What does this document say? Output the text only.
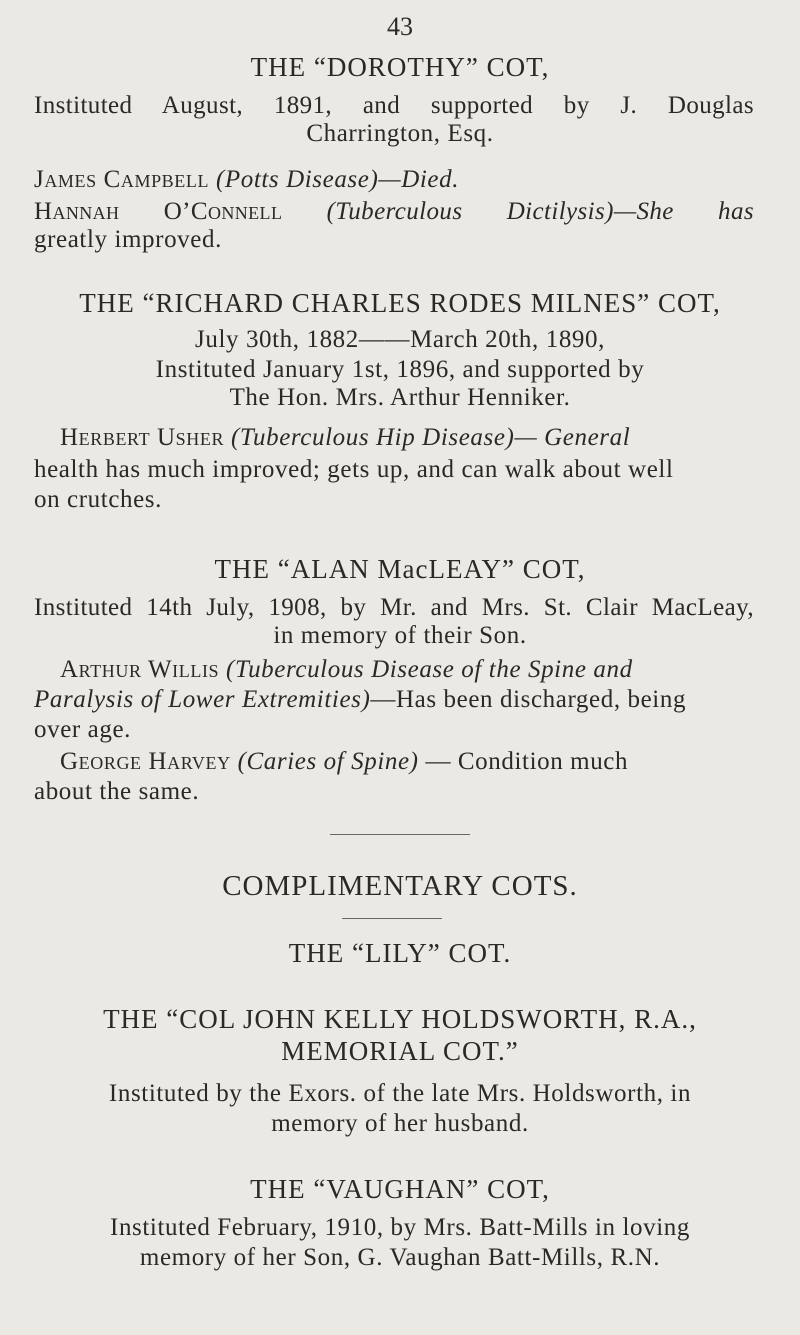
43
THE “DOROTHY” COT,
Instituted August, 1891, and supported by J. Douglas
Charrington, Esq.
James Campbell (Potts Disease)—Died.
Hannah O’Connell (Tuberculous Dictilysis)—She has
greatly improved.
THE “RICHARD CHARLES RODES MILNES” COT,
July 30th, 1882——March 20th, 1890,
Instituted January 1st, 1896, and supported by
The Hon. Mrs. Arthur Henniker.
Herbert Usher (Tuberculous Hip Disease)— General
health has much improved; gets up, and can walk about well
on crutches.
THE “ALAN MacLEAY” COT,
Instituted 14th July, 1908, by Mr. and Mrs. St. Clair MacLeay,
in memory of their Son.
Arthur Willis (Tuberculous Disease of the Spine and
Paralysis of Lower Extremities)—Has been discharged, being
over age.
George Harvey (Caries of Spine) — Condition much
about the same.
COMPLIMENTARY COTS.
THE “LILY” COT.
THE “COL JOHN KELLY HOLDSWORTH, R.A.,
MEMORIAL COT.”
Instituted by the Exors. of the late Mrs. Holdsworth, in
memory of her husband.
THE “VAUGHAN” COT,
Instituted February, 1910, by Mrs. Batt-Mills in loving
memory of her Son, G. Vaughan Batt-Mills, R.N.
